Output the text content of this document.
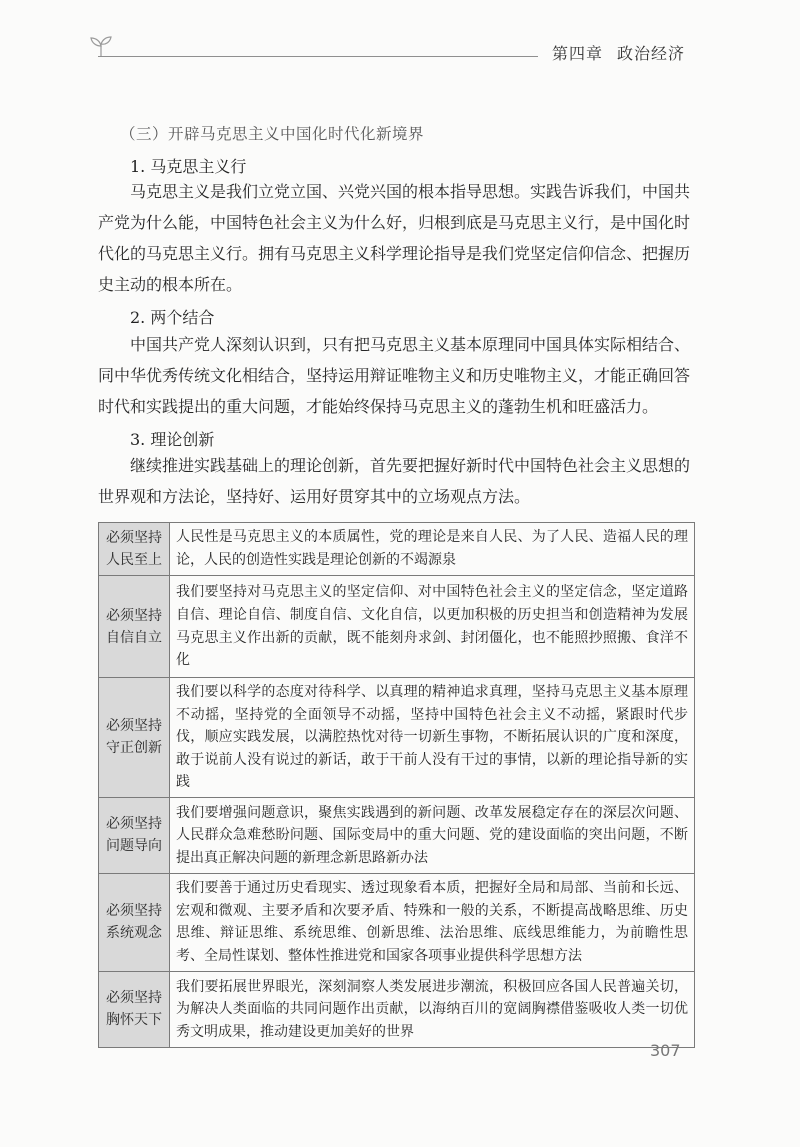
第四章 政治经济
（三）开辟马克思主义中国化时代化新境界
1. 马克思主义行

马克思主义是我们立党立国、兴党兴国的根本指导思想。实践告诉我们，中国共产党为什么能，中国特色社会主义为什么好，归根到底是马克思主义行，是中国化时代化的马克思主义行。拥有马克思主义科学理论指导是我们党坚定信仰信念、把握历史主动的根本所在。

2. 两个结合

中国共产党人深刻认识到，只有把马克思主义基本原理同中国具体实际相结合、同中华优秀传统文化相结合，坚持运用辩证唯物主义和历史唯物主义，才能正确回答时代和实践提出的重大问题，才能始终保持马克思主义的蓬勃生机和旺盛活力。

3. 理论创新

继续推进实践基础上的理论创新，首先要把握好新时代中国特色社会主义思想的世界观和方法论，坚持好、运用好贯穿其中的立场观点方法。

必须坚持
人民至上	人民性是马克思主义的本质属性，党的理论是来自人民、为了人民、造福人民的理论，人民的创造性实践是理论创新的不竭源泉

必须坚持
自信自立	我们要坚持对马克思主义的坚定信仰、对中国特色社会主义的坚定信念，坚定道路自信、理论自信、制度自信、文化自信，以更加积极的历史担当和创造精神为发展马克思主义作出新的贡献，既不能刻舟求剑、封闭僵化，也不能照抄照搬、食洋不化

必须坚持
守正创新	我们要以科学的态度对待科学、以真理的精神追求真理，坚持马克思主义基本原理不动摇，坚持党的全面领导不动摇，坚持中国特色社会主义不动摇，紧跟时代步伐，顺应实践发展，以满腔热忱对待一切新生事物，不断拓展认识的广度和深度，敢于说前人没有说过的新话，敢于干前人没有干过的事情，以新的理论指导新的实践

必须坚持
问题导向	我们要增强问题意识，聚焦实践遇到的新问题、改革发展稳定存在的深层次问题、人民群众急难愁盼问题、国际变局中的重大问题、党的建设面临的突出问题，不断提出真正解决问题的新理念新思路新办法

必须坚持
系统观念	我们要善于通过历史看现实、透过现象看本质，把握好全局和局部、当前和长远、宏观和微观、主要矛盾和次要矛盾、特殊和一般的关系，不断提高战略思维、历史思维、辩证思维、系统思维、创新思维、法治思维、底线思维能力，为前瞻性思考、全局性谋划、整体性推进党和国家各项事业提供科学思想方法

必须坚持
胸怀天下	我们要拓展世界眼光，深刻洞察人类发展进步潮流，积极回应各国人民普遍关切，为解决人类面临的共同问题作出贡献，以海纳百川的宽阔胸襟借鉴吸收人类一切优秀文明成果，推动建设更加美好的世界
307
